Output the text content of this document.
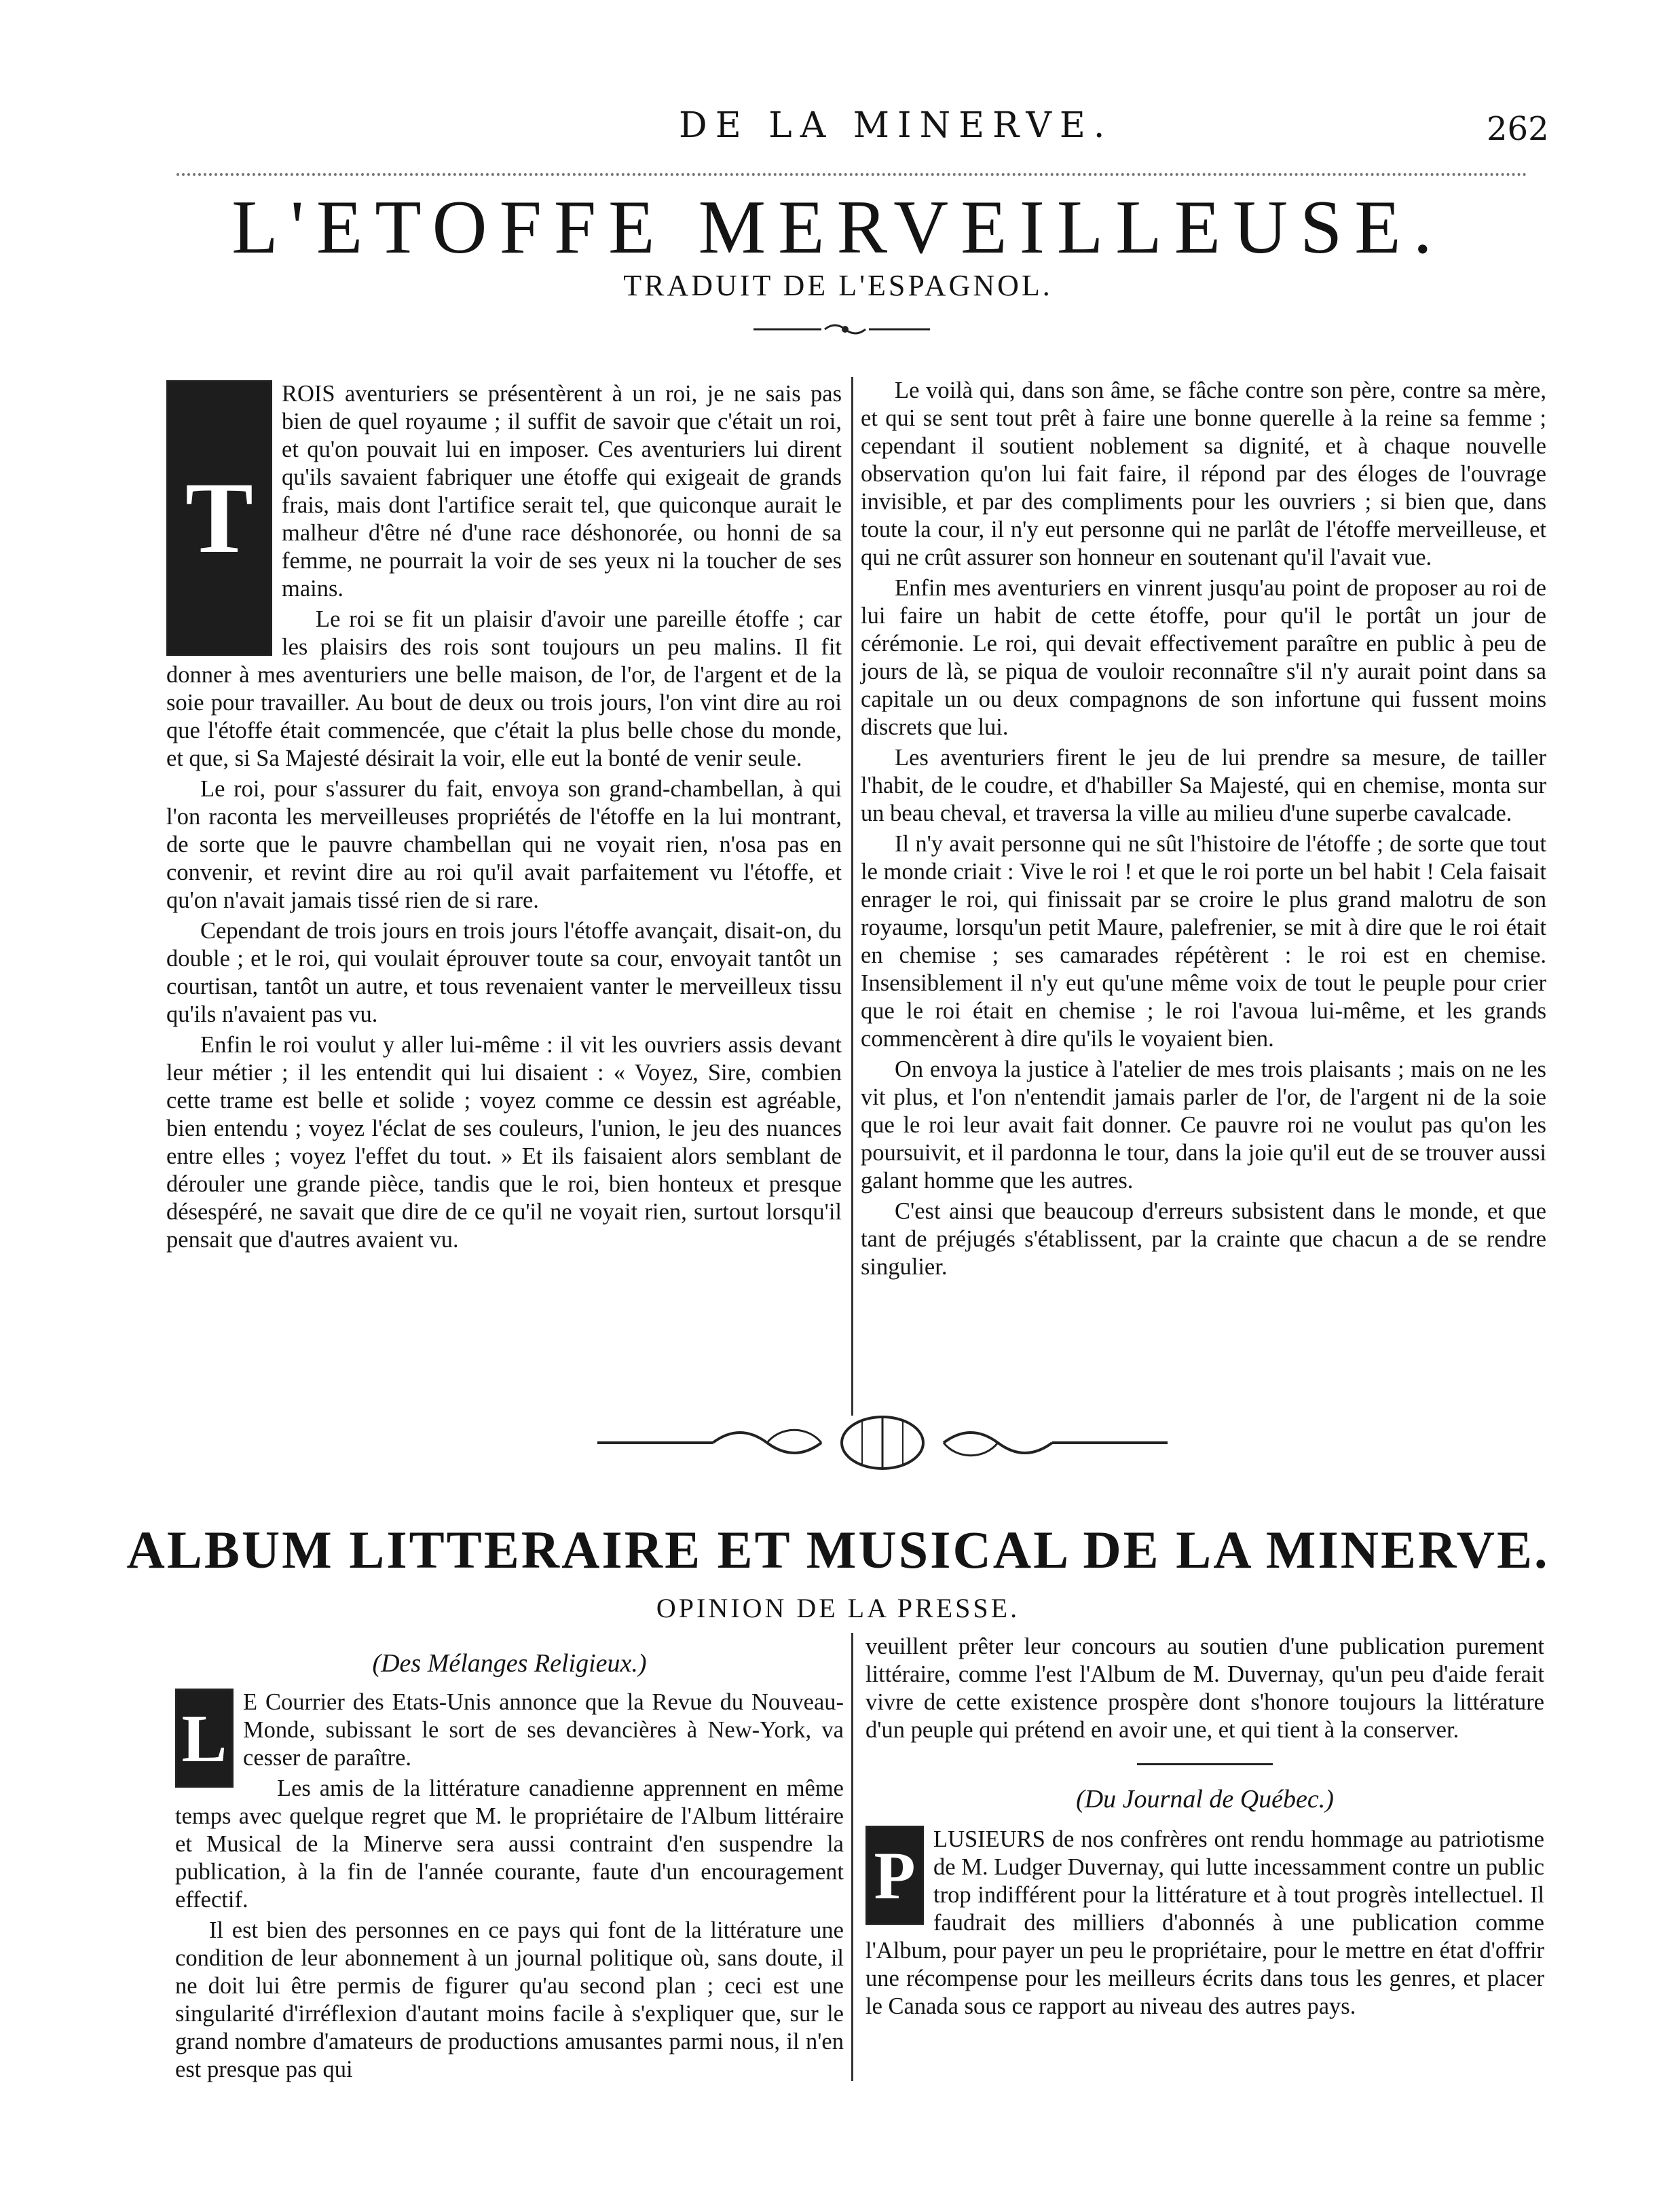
DE LA MINERVE.	262
L'ETOFFE MERVEILLEUSE.
TRADUIT DE L'ESPAGNOL.
T

ROIS aventuriers se présentèrent à un roi, je ne sais pas bien de quel royaume ; il suffit de savoir que c'était un roi, et qu'on pouvait lui en imposer. Ces aventuriers lui dirent qu'ils savaient fabriquer une étoffe qui exigeait de grands frais, mais dont l'artifice serait tel, que quiconque aurait le malheur d'être né d'une race déshonorée, ou honni de sa femme, ne pourrait la voir de ses yeux ni la toucher de ses mains.

Le roi se fit un plaisir d'avoir une pareille étoffe ; car les plaisirs des rois sont toujours un peu malins. Il fit donner à mes aventuriers une belle maison, de l'or, de l'argent et de la soie pour travailler. Au bout de deux ou trois jours, l'on vint dire au roi que l'étoffe était commencée, que c'était la plus belle chose du monde, et que, si Sa Majesté désirait la voir, elle eut la bonté de venir seule.

Le roi, pour s'assurer du fait, envoya son grand-chambellan, à qui l'on raconta les merveilleuses propriétés de l'étoffe en la lui montrant, de sorte que le pauvre chambellan qui ne voyait rien, n'osa pas en convenir, et revint dire au roi qu'il avait parfaitement vu l'étoffe, et qu'on n'avait jamais tissé rien de si rare.

Cependant de trois jours en trois jours l'étoffe avançait, disait-on, du double ; et le roi, qui voulait éprouver toute sa cour, envoyait tantôt un courtisan, tantôt un autre, et tous revenaient vanter le merveilleux tissu qu'ils n'avaient pas vu.

Enfin le roi voulut y aller lui-même : il vit les ouvriers assis devant leur métier ; il les entendit qui lui disaient : « Voyez, Sire, combien cette trame est belle et solide ; voyez comme ce dessin est agréable, bien entendu ; voyez l'éclat de ses couleurs, l'union, le jeu des nuances entre elles ; voyez l'effet du tout. » Et ils faisaient alors semblant de dérouler une grande pièce, tandis que le roi, bien honteux et presque désespéré, ne savait que dire de ce qu'il ne voyait rien, surtout lorsqu'il pensait que d'autres avaient vu.

Le voilà qui, dans son âme, se fâche contre son père, contre sa mère, et qui se sent tout prêt à faire une bonne querelle à la reine sa femme ; cependant il soutient noblement sa dignité, et à chaque nouvelle observation qu'on lui fait faire, il répond par des éloges de l'ouvrage invisible, et par des compliments pour les ouvriers ; si bien que, dans toute la cour, il n'y eut personne qui ne parlât de l'étoffe merveilleuse, et qui ne crût assurer son honneur en soutenant qu'il l'avait vue.

Enfin mes aventuriers en vinrent jusqu'au point de proposer au roi de lui faire un habit de cette étoffe, pour qu'il le portât un jour de cérémonie. Le roi, qui devait effectivement paraître en public à peu de jours de là, se piqua de vouloir reconnaître s'il n'y aurait point dans sa capitale un ou deux compagnons de son infortune qui fussent moins discrets que lui.

Les aventuriers firent le jeu de lui prendre sa mesure, de tailler l'habit, de le coudre, et d'habiller Sa Majesté, qui en chemise, monta sur un beau cheval, et traversa la ville au milieu d'une superbe cavalcade.

Il n'y avait personne qui ne sût l'histoire de l'étoffe ; de sorte que tout le monde criait : Vive le roi ! et que le roi porte un bel habit ! Cela faisait enrager le roi, qui finissait par se croire le plus grand malotru de son royaume, lorsqu'un petit Maure, palefrenier, se mit à dire que le roi était en chemise ; ses camarades répétèrent : le roi est en chemise. Insensiblement il n'y eut qu'une même voix de tout le peuple pour crier que le roi était en chemise ; le roi l'avoua lui-même, et les grands commencèrent à dire qu'ils le voyaient bien.

On envoya la justice à l'atelier de mes trois plaisants ; mais on ne les vit plus, et l'on n'entendit jamais parler de l'or, de l'argent ni de la soie que le roi leur avait fait donner. Ce pauvre roi ne voulut pas qu'on les poursuivit, et il pardonna le tour, dans la joie qu'il eut de se trouver aussi galant homme que les autres.

C'est ainsi que beaucoup d'erreurs subsistent dans le monde, et que tant de préjugés s'établissent, par la crainte que chacun a de se rendre singulier.

ALBUM LITTERAIRE ET MUSICAL DE LA MINERVE.
OPINION DE LA PRESSE.
(Des Mélanges Religieux.)
L E Courrier des Etats-Unis annonce que la Revue du Nouveau-Monde, subissant le sort de ses devancières à New-York, va cesser de paraître.

Les amis de la littérature canadienne apprennent en même temps avec quelque regret que M. le propriétaire de l'Album littéraire et Musical de la Minerve sera aussi contraint d'en suspendre la publication, à la fin de l'année courante, faute d'un encouragement effectif.

Il est bien des personnes en ce pays qui font de la littérature une condition de leur abonnement à un journal politique où, sans doute, il ne doit lui être permis de figurer qu'au second plan ; ceci est une singularité d'irréflexion d'autant moins facile à s'expliquer que, sur le grand nombre d'amateurs de productions amusantes parmi nous, il n'en est presque pas qui

veuillent prêter leur concours au soutien d'une publication purement littéraire, comme l'est l'Album de M. Duvernay, qu'un peu d'aide ferait vivre de cette existence prospère dont s'honore toujours la littérature d'un peuple qui prétend en avoir une, et qui tient à la conserver.

(Du Journal de Québec.)
P LUSIEURS de nos confrères ont rendu hommage au patriotisme de M. Ludger Duvernay, qui lutte incessamment contre un public trop indifférent pour la littérature et à tout progrès intellectuel. Il faudrait des milliers d'abonnés à une publication comme l'Album, pour payer un peu le propriétaire, pour le mettre en état d'offrir une récompense pour les meilleurs écrits dans tous les genres, et placer le Canada sous ce rapport au niveau des autres pays.
